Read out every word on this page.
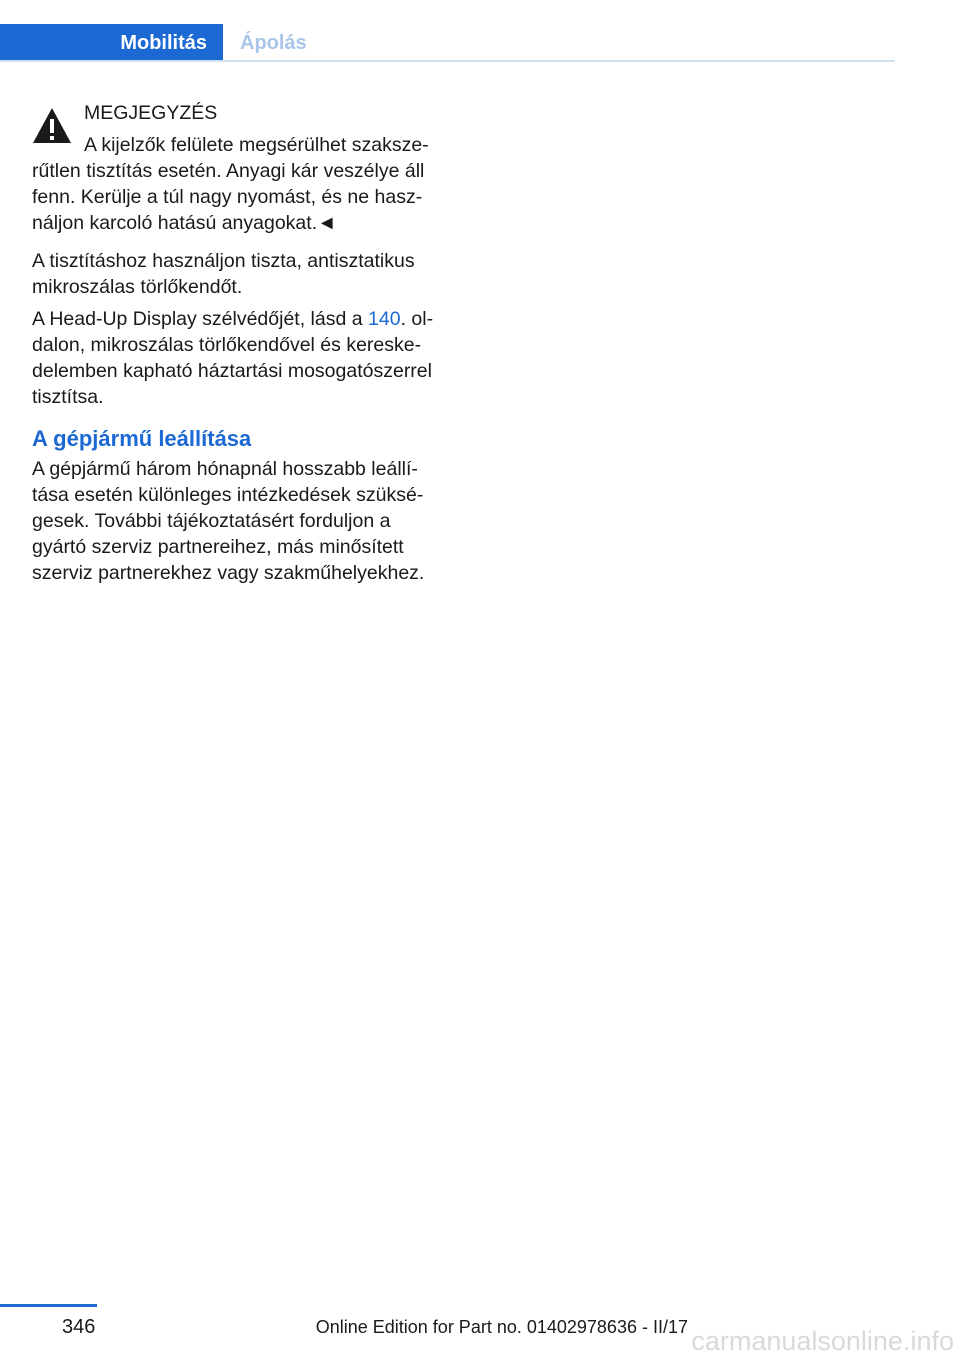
Mobilitás	Ápolás
MEGJEGYZÉS
A kijelzők felülete megsérülhet szaksze-

rűtlen tisztítás esetén. Anyagi kár veszélye áll fenn. Kerülje a túl nagy nyomást, és ne hasz-náljon karcoló hatású anyagokat.◄

A tisztításhoz használjon tiszta, antisztatikus mikroszálas törlőkendőt.

A Head-Up Display szélvédőjét, lásd a 140. ol-dalon, mikroszálas törlőkendővel és kereske-delemben kapható háztartási mosogatószerrel tisztítsa.

A gépjármű leállítása

A gépjármű három hónapnál hosszabb leállí-tása esetén különleges intézkedések szüksé-gesek. További tájékoztatásért forduljon a gyártó szerviz partnereihez, más minősített szerviz partnerekhez vagy szakműhelyekhez.

346	Online Edition for Part no. 01402978636 - II/17 carmanualsonline.info
